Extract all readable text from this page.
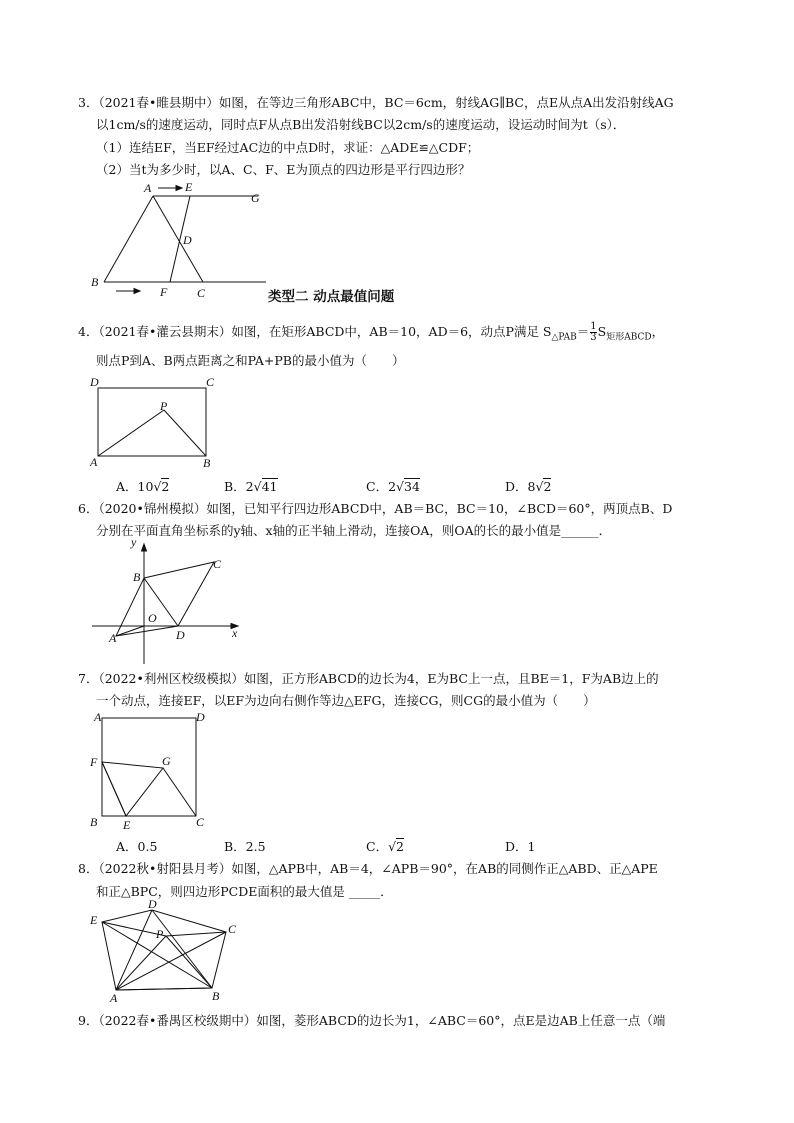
3．（2021春•睢县期中）如图，在等边三角形ABC中，BC＝6cm，射线AG∥BC，点E从点A出发沿射线AG
以1cm/s的速度运动，同时点F从点B出发沿射线BC以2cm/s的速度运动，设运动时间为t（s）．
（1）连结EF，当EF经过AC边的中点D时，求证：△ADE≌△CDF；
（2）当t为多少时，以A、C、F、E为顶点的四边形是平行四边形？
A	E
G
D
B
F C	类型二 动点最值问题
4．（2021春•灌云县期末）如图，在矩形ABCD中，AB＝10，AD＝6，动点P满足 $S_{\triangle PAB}= \frac{1}{3} S_{矩形ABCD}$，
则点P到A、B两点距离之和PA+PB的最小值为（　　）
D	C
P
A	B
A．10√2	B．2√41	C．2√34	D．8√2
6．（2020•锦州模拟）如图，已知平行四边形ABCD中，AB＝BC，BC＝10，∠BCD＝60°，两顶点B、D
分别在平面直角坐标系的y轴、x轴的正半轴上滑动，连接OA，则OA的长的最小值是______．
y
x
B
C
O
A	D
7．（2022•利州区校级模拟）如图，正方形ABCD的边长为4，E为BC上一点，且BE＝1，F为AB边上的
一个动点，连接EF，以EF为边向右侧作等边△EFG，连接CG，则CG的最小值为（　　）
A	D
F	G
B E	C
A．0.5	B．2.5	C．√2	D．1
8．（2022秋•射阳县月考）如图，△APB中，AB＝4，∠APB＝90°，在AB的同侧作正△ABD、正△APE
和正△BPC，则四边形PCDE面积的最大值是 _____．
D
E
C
P
A	B
9．（2022春•番禺区校级期中）如图，菱形ABCD的边长为1，∠ABC＝60°，点E是边AB上任意一点（端
